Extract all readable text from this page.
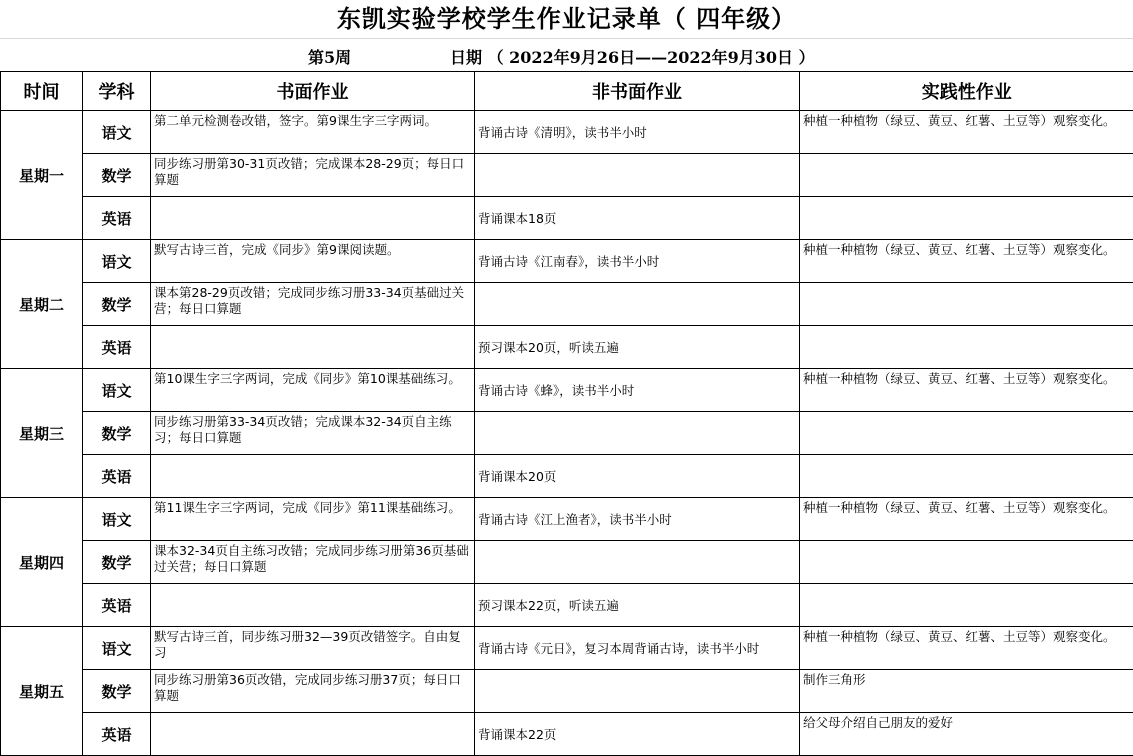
东凯实验学校学生作业记录单（ 四年级）
第5周	日期 （ 2022年9月26日——2022年9月30日 ）
时间	学科	书面作业	非书面作业	实践性作业
星期一	语文	第二单元检测卷改错，签字。第9课生字三字两词。	背诵古诗《清明》，读书半小时	种植一种植物（绿豆、黄豆、红薯、土豆等）观察变化。
	数学	同步练习册第30-31页改错；完成课本28-29页；每日口算题		
	英语		背诵课本18页	
星期二	语文	默写古诗三首，完成《同步》第9课阅读题。	背诵古诗《江南春》，读书半小时	种植一种植物（绿豆、黄豆、红薯、土豆等）观察变化。
	数学	课本第28-29页改错；完成同步练习册33-34页基础过关营；每日口算题		
	英语		预习课本20页，听读五遍	
星期三	语文	第10课生字三字两词，完成《同步》第10课基础练习。	背诵古诗《蜂》，读书半小时	种植一种植物（绿豆、黄豆、红薯、土豆等）观察变化。
	数学	同步练习册第33-34页改错；完成课本32-34页自主练习；每日口算题		
	英语		背诵课本20页	
星期四	语文	第11课生字三字两词，完成《同步》第11课基础练习。	背诵古诗《江上渔者》，读书半小时	种植一种植物（绿豆、黄豆、红薯、土豆等）观察变化。
	数学	课本32-34页自主练习改错；完成同步练习册第36页基础过关营；每日口算题		
	英语		预习课本22页，听读五遍	
星期五	语文	默写古诗三首，同步练习册32—39页改错签字。自由复习	背诵古诗《元日》，复习本周背诵古诗，读书半小时	种植一种植物（绿豆、黄豆、红薯、土豆等）观察变化。
	数学	同步练习册第36页改错，完成同步练习册37页；每日口算题		制作三角形
	英语		背诵课本22页	给父母介绍自己朋友的爱好
